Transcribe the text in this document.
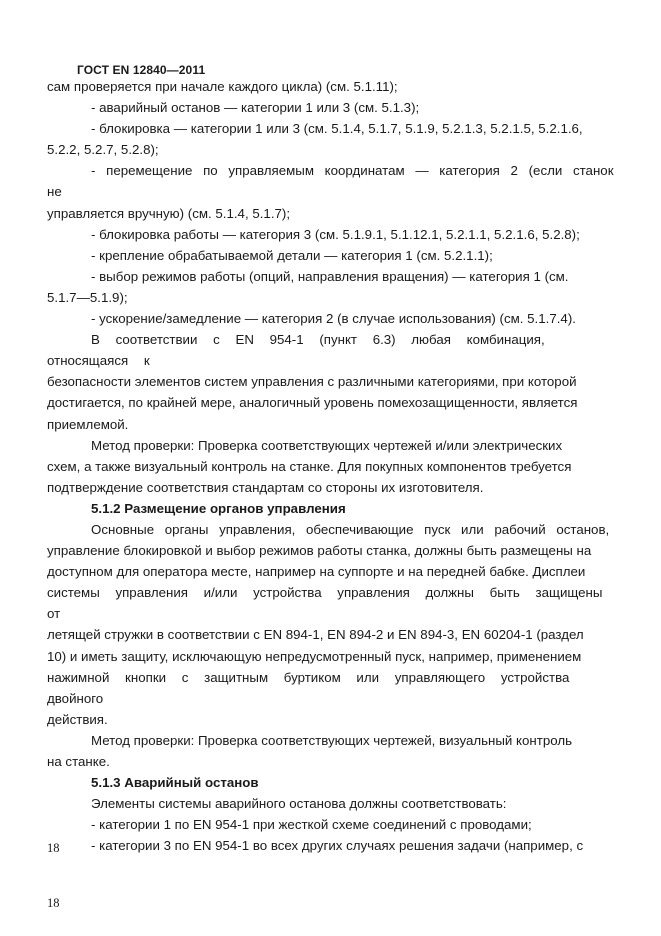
ГОСТ EN 12840—2011

сам проверяется при начале каждого цикла) (см. 5.1.11);

- аварийный останов — категории 1 или 3 (см. 5.1.3);

- блокировка — категории 1 или 3 (см. 5.1.4, 5.1.7, 5.1.9, 5.2.1.3, 5.2.1.5, 5.2.1.6,

5.2.2, 5.2.7, 5.2.8);

- перемещение по управляемым координатам — категория 2 (если станок не

управляется вручную) (см. 5.1.4, 5.1.7);

- блокировка работы — категория 3 (см. 5.1.9.1, 5.1.12.1, 5.2.1.1, 5.2.1.6, 5.2.8);

- крепление обрабатываемой детали — категория 1 (см. 5.2.1.1);

- выбор режимов работы (опций, направления вращения) — категория 1 (см.

5.1.7—5.1.9);

- ускорение/замедление — категория 2 (в случае использования) (см. 5.1.7.4).

В соответствии с EN 954-1 (пункт 6.3) любая комбинация, относящаяся к

безопасности элементов систем управления с различными категориями, при которой

достигается, по крайней мере, аналогичный уровень помехозащищенности, является

приемлемой.

Метод проверки: Проверка соответствующих чертежей и/или электрических

схем, а также визуальный контроль на станке. Для покупных компонентов требуется

подтверждение соответствия стандартам со стороны их изготовителя.

5.1.2 Размещение органов управления

Основные органы управления, обеспечивающие пуск или рабочий останов,

управление блокировкой и выбор режимов работы станка, должны быть размещены на

доступном для оператора месте, например на суппорте и на передней бабке. Дисплеи

системы управления и/или устройства управления должны быть защищены от

летящей стружки в соответствии с EN 894-1, EN 894-2 и EN 894-3, EN 60204-1 (раздел

10) и иметь защиту, исключающую непредусмотренный пуск, например, применением

нажимной кнопки с защитным буртиком или управляющего устройства двойного

действия.

Метод проверки: Проверка соответствующих чертежей, визуальный контроль

на станке.

5.1.3 Аварийный останов

Элементы системы аварийного останова должны соответствовать:

- категории 1 по EN 954-1 при жесткой схеме соединений с проводами;

- категории 3 по EN 954-1 во всех других случаях решения задачи (например, с

18
18
